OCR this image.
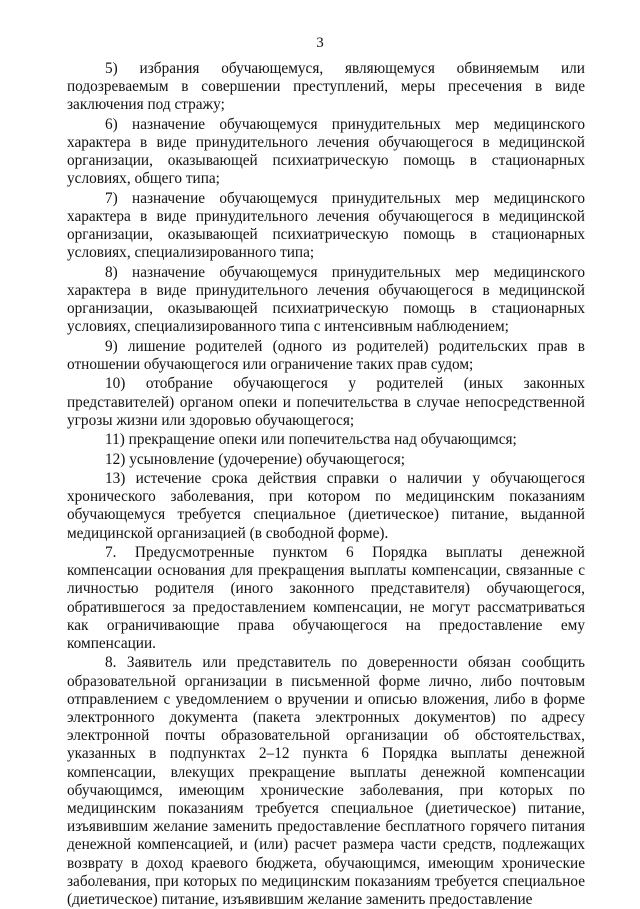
3

5) избрания обучающемуся, являющемуся обвиняемым или подозреваемым в совершении преступлений, меры пресечения в виде заключения под стражу;

6) назначение обучающемуся принудительных мер медицинского характера в виде принудительного лечения обучающегося в медицинской организации, оказывающей психиатрическую помощь в стационарных условиях, общего типа;

7) назначение обучающемуся принудительных мер медицинского характера в виде принудительного лечения обучающегося в медицинской организации, оказывающей психиатрическую помощь в стационарных условиях, специализированного типа;

8) назначение обучающемуся принудительных мер медицинского характера в виде принудительного лечения обучающегося в медицинской организации, оказывающей психиатрическую помощь в стационарных условиях, специализированного типа с интенсивным наблюдением;

9) лишение родителей (одного из родителей) родительских прав в отношении обучающегося или ограничение таких прав судом;

10) отобрание обучающегося у родителей (иных законных представителей) органом опеки и попечительства в случае непосредственной угрозы жизни или здоровью обучающегося;

11) прекращение опеки или попечительства над обучающимся;

12) усыновление (удочерение) обучающегося;

13) истечение срока действия справки о наличии у обучающегося хронического заболевания, при котором по медицинским показаниям обучающемуся требуется специальное (диетическое) питание, выданной медицинской организацией (в свободной форме).

7. Предусмотренные пунктом 6 Порядка выплаты денежной компенсации основания для прекращения выплаты компенсации, связанные с личностью родителя (иного законного представителя) обучающегося, обратившегося за предоставлением компенсации, не могут рассматриваться как ограничивающие права обучающегося на предоставление ему компенсации.

8. Заявитель или представитель по доверенности обязан сообщить образовательной организации в письменной форме лично, либо почтовым отправлением с уведомлением о вручении и описью вложения, либо в форме электронного документа (пакета электронных документов) по адресу электронной почты образовательной организации об обстоятельствах, указанных в подпунктах 2–12 пункта 6 Порядка выплаты денежной компенсации, влекущих прекращение выплаты денежной компенсации обучающимся, имеющим хронические заболевания, при которых по медицинским показаниям требуется специальное (диетическое) питание, изъявившим желание заменить предоставление бесплатного горячего питания денежной компенсацией, и (или) расчет размера части средств, подлежащих возврату в доход краевого бюджета, обучающимся, имеющим хронические заболевания, при которых по медицинским показаниям требуется специальное (диетическое) питание, изъявившим желание заменить предоставление
